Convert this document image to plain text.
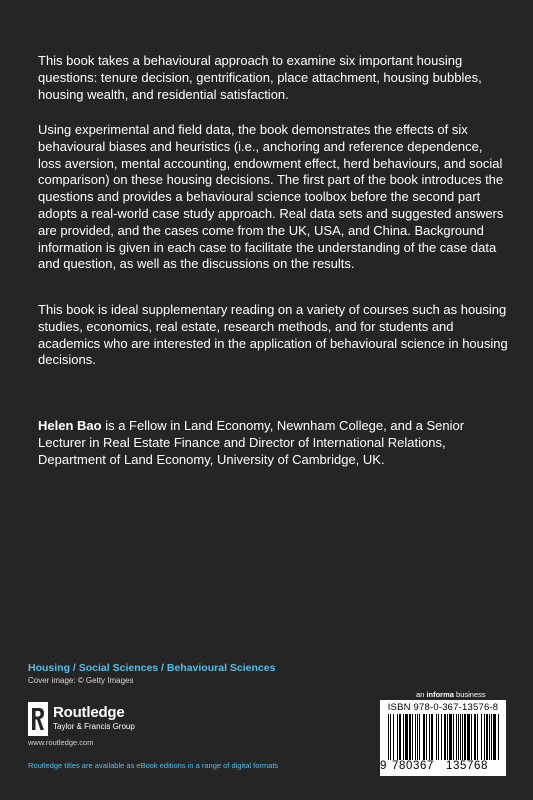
This book takes a behavioural approach to examine six important housing questions: tenure decision, gentrification, place attachment, housing bubbles, housing wealth, and residential satisfaction.

Using experimental and field data, the book demonstrates the effects of six behavioural biases and heuristics (i.e., anchoring and reference dependence, loss aversion, mental accounting, endowment effect, herd behaviours, and social comparison) on these housing decisions. The first part of the book introduces the questions and provides a behavioural science toolbox before the second part adopts a real-world case study approach. Real data sets and suggested answers are provided, and the cases come from the UK, USA, and China. Background information is given in each case to facilitate the understanding of the case data and question, as well as the discussions on the results.

This book is ideal supplementary reading on a variety of courses such as housing studies, economics, real estate, research methods, and for students and academics who are interested in the application of behavioural science in housing decisions.

Helen Bao is a Fellow in Land Economy, Newnham College, and a Senior Lecturer in Real Estate Finance and Director of International Relations, Department of Land Economy, University of Cambridge, UK.

Housing / Social Sciences / Behavioural Sciences

Cover image: © Getty Images

Routledge
Taylor & Francis Group
www.routledge.com
Routledge titles are available as eBook editions in a range of digital formats
an informa business
ISBN 978-0-367-13576-8
9 780367 135768
